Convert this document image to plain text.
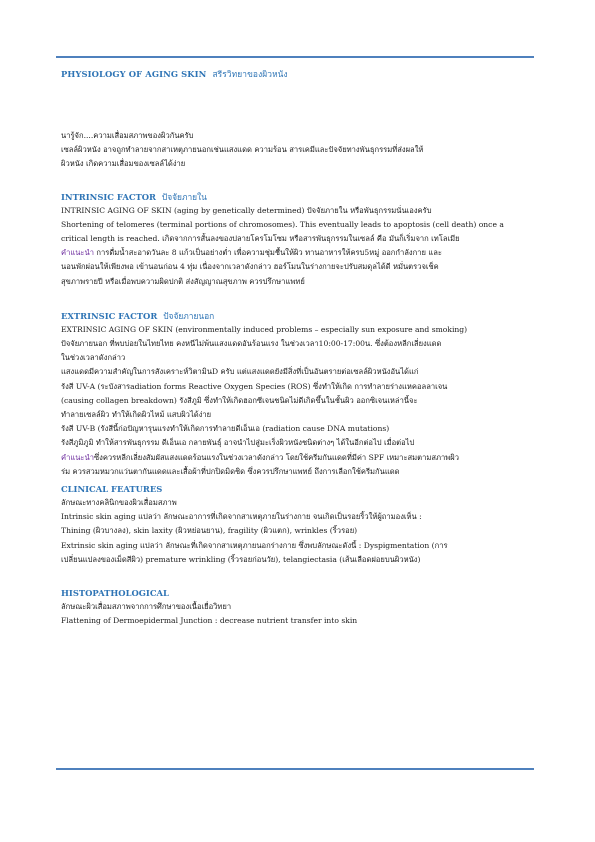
PHYSIOLOGY OF AGING SKIN สรีรวิทยาของผิวหนัง

นารู้จัก....ความเสื่อมสภาพของผิวกันครับ

เซลล์ผิวหนัง อาจถูกทำลายจากสาเหตุภายนอกเช่นแสงแดด ความร้อน สารเคมีและปัจจัยทางพันธุกรรมที่ส่งผลให้

ผิวหนัง เกิดความเสื่อมของเซลล์ได้ง่าย

INTRINSIC FACTOR ปัจจัยภายใน

INTRINSIC AGING OF SKIN (aging by genetically determined) ปัจจัยภายใน หรือพันธุกรรมนั่นเองครับ

Shortening of telomeres (terminal portions of chromosomes). This eventually leads to apoptosis (cell death) once a

critical length is reached. เกิดจากการสั้นลงของปลายโครโมโซม หรือสารพันธุกรรมในเซลล์ คือ มันก็เริ่มจาก เทโลเมีย

คำแนะนำ การดื่มน้ำสะอาดวันละ 8 แก้วเป็นอย่างต่ำ เพื่อความชุ่มชื้นให้ผิว ทานอาหารให้ครบ5หมู่ ออกกำลังกาย และ

นอนพักผ่อนให้เพียงพอ เข้านอนก่อน 4 ทุ่ม เนื่องจากเวลาดังกล่าว ฮอร์โมนในร่างกายจะปรับสมดุลได้ดี หมั่นตรวจเช็ค

สุขภาพรายปี หรือเมื่อพบความผิดปกติ ส่งสัญญาณสุขภาพ ควรปรึกษาแพทย์

EXTRINSIC FACTOR ปัจจัยภายนอก

EXTRINSIC AGING OF SKIN (environmentally induced problems – especially sun exposure and smoking)

ปัจจัยภายนอก ที่พบบ่อยในไทยไทย คงหนีไม่พ้นแสงแดดอันร้อนแรง ในช่วงเวลา10:00-17:00น. ซึ่งต้องหลีกเลี่ยงแดด

ในช่วงเวลาดังกล่าว

แสงแดดมีความสำคัญในการสังเคราะห์วิตามินD ครับ แต่แสงแดดยังมีสิ่งที่เป็นอันตรายต่อเซลล์ผิวหนังอันได้แก่

รังสี UV-A (ระบังสารadiation forms Reactive Oxygen Species (ROS) ซึ่งทำให้เกิด การทำลายร่างแหคอลลาเจน

(causing collagen breakdown) รังสีภูมิ ซึ่งทำให้เกิดฮอกซีเจนชนิดไม่ดีเกิดขึ้นในชั้นผิว ออกซิเจนเหล่านี้จะ

ทำลายเซลล์ผิว ทำให้เกิดผิวไหม้ แสบผิวได้ง่าย

รังสี UV-B (รังสีนี้ก่อปัญหารุนแรงทำให้เกิดการทำลายดีเอ็นเอ (radiation cause DNA mutations)

รังสีภูมิภูมิ ทำให้สารพันธุกรรม ดีเอ็นเอ กลายพันธุ์ อาจนำไปสู่มะเร็งผิวหนังชนิดต่างๆ ได้ในอีกต่อไป เมื่อต่อไป

คำแนะนำซึ่งควรหลีกเลี่ยงสัมผัสแสงแดดร้อนแรงในช่วงเวลาดังกล่าว โดยใช้ครีมกันแดดที่มีค่า SPF เหมาะสมตามสภาพผิว

ร่ม ควรสวมหมวกแว่นตากันแดดและเสื้อผ้าที่ปกปิดมิดชิด ซึ่งควรปรึกษาแพทย์ ถึงการเลือกใช้ครีมกันแดด

CLINICAL FEATURES

ลักษณะทางคลินิกของผิวเสื่อมสภาพ

Intrinsic skin aging แปลว่า ลักษณะอาการที่เกิดจากสาเหตุภายในร่างกาย จนเกิดเป็นรอยริ้วให้ผู้ถามองเห็น :

Thining (ผิวบางลง), skin laxity (ผิวหย่อนยาน), fragility (ผิวแตก), wrinkles (ริ้วรอย)

Extrinsic skin aging แปลว่า ลักษณะที่เกิดจากสาเหตุภายนอกร่างกาย ซึ่งพบลักษณะดังนี้ : Dyspigmentation (การ

เปลี่ยนแปลงของเม็ดสีผิว) premature wrinkling (ริ้วรอยก่อนวัย), telangiectasia (เส้นเลือดฝอยบนผิวหนัง)

HISTOPATHOLOGICAL

ลักษณะผิวเสื่อมสภาพจากการศึกษาของเนื้อเยื่อวิทยา

Flattening of Dermoepidermal Junction : decrease nutrient transfer into skin
